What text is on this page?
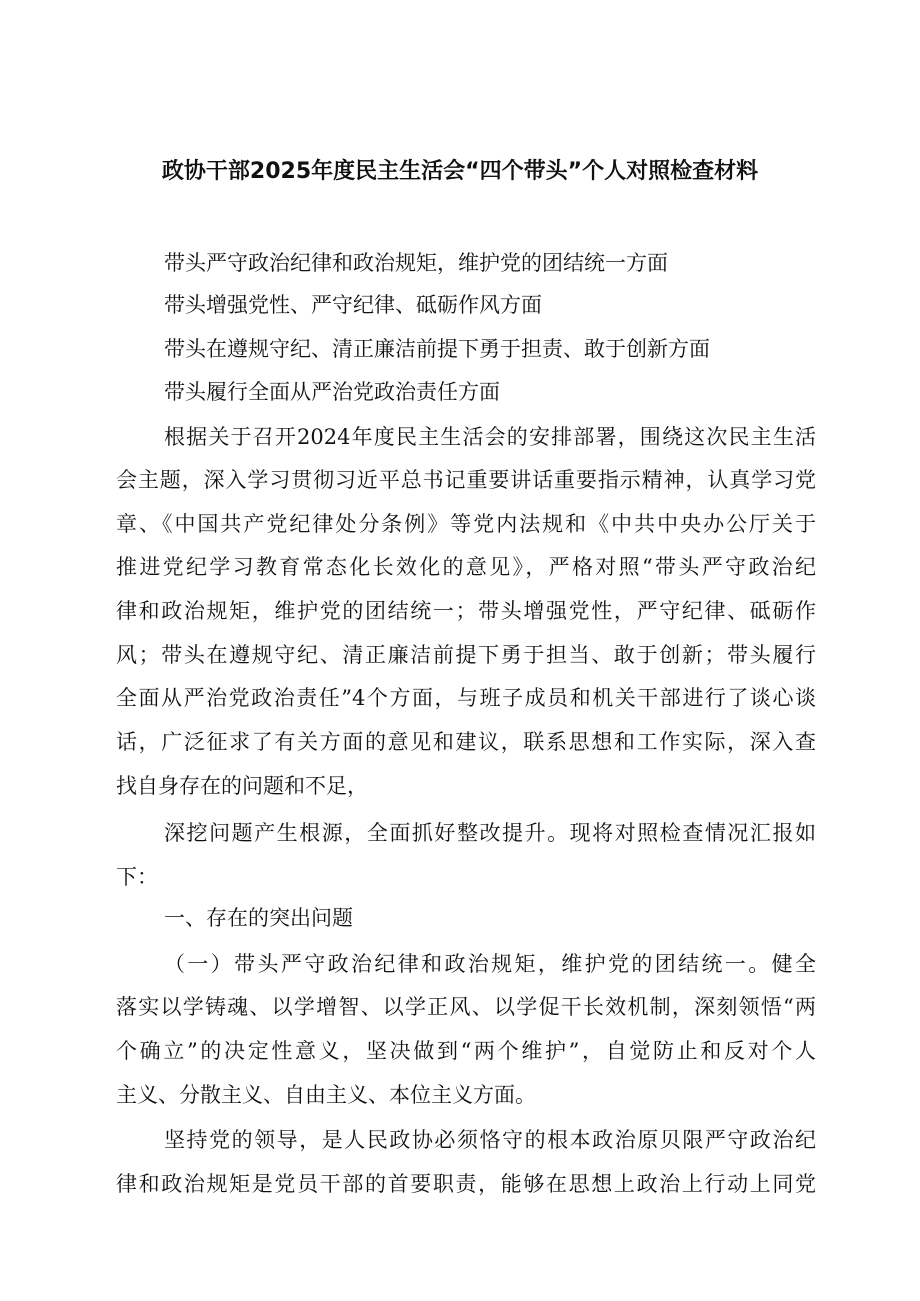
政协干部2025年度民主生活会“四个带头”个人对照检查材料
带头严守政治纪律和政治规矩，维护党的团结统一方面
带头增强党性、严守纪律、砥砺作风方面
带头在遵规守纪、清正廉洁前提下勇于担责、敢于创新方面
带头履行全面从严治党政治责任方面
根据关于召开2024年度民主生活会的安排部署，围绕这次民主生活
会主题，深入学习贯彻习近平总书记重要讲话重要指示精神，认真学习党
章、《中国共产党纪律处分条例》等党内法规和《中共中央办公厅关于
推进党纪学习教育常态化长效化的意见》，严格对照“带头严守政治纪
律和政治规矩，维护党的团结统一；带头增强党性，严守纪律、砥砺作
风；带头在遵规守纪、清正廉洁前提下勇于担当、敢于创新；带头履行
全面从严治党政治责任”4个方面，与班子成员和机关干部进行了谈心谈
话，广泛征求了有关方面的意见和建议，联系思想和工作实际，深入查
找自身存在的问题和不足，
深挖问题产生根源，全面抓好整改提升。现将对照检查情况汇报如
下：
一、存在的突出问题
（一）带头严守政治纪律和政治规矩，维护党的团结统一。健全
落实以学铸魂、以学增智、以学正风、以学促干长效机制，深刻领悟“两
个确立”的决定性意义，坚决做到“两个维护”，自觉防止和反对个人
主义、分散主义、自由主义、本位主义方面。
坚持党的领导，是人民政协必须恪守的根本政治原贝限严守政治纪
律和政治规矩是党员干部的首要职责，能够在思想上政治上行动上同党
